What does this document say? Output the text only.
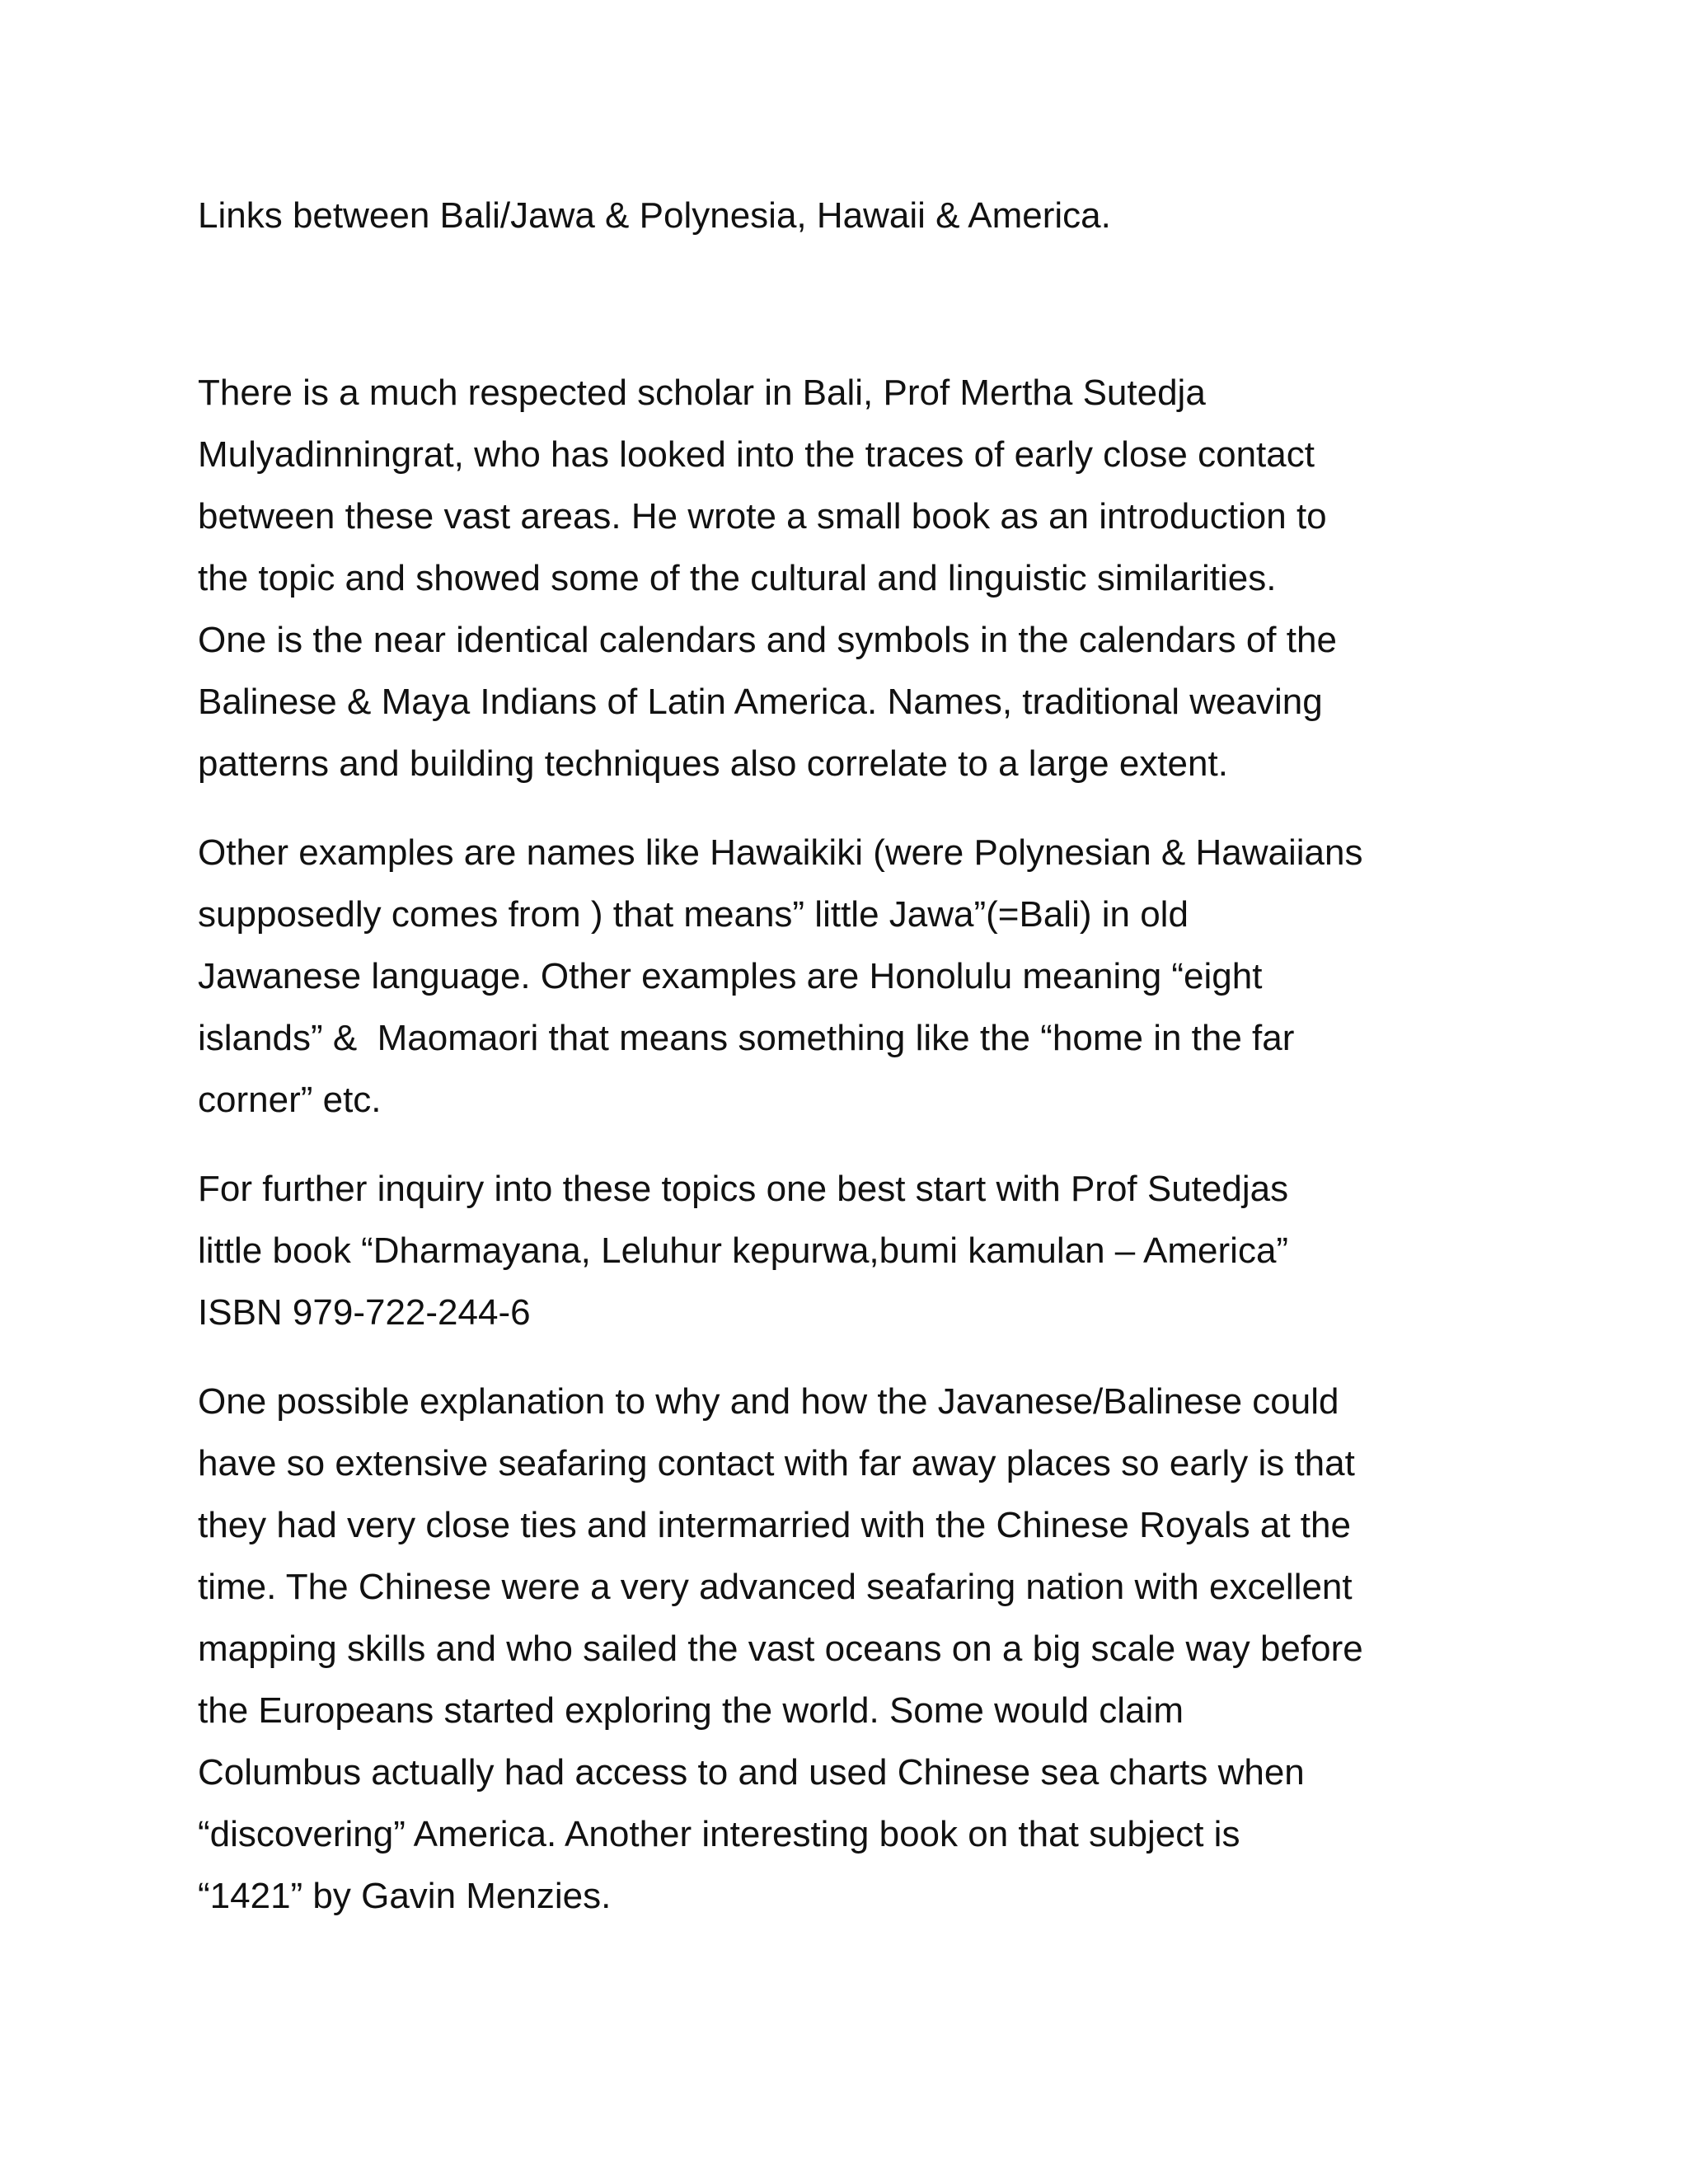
Links between Bali/Jawa & Polynesia, Hawaii & America.

There is a much respected scholar in Bali, Prof Mertha Sutedja
Mulyadinningrat, who has looked into the traces of early close contact
between these vast areas. He wrote a small book as an introduction to
the topic and showed some of the cultural and linguistic similarities.
One is the near identical calendars and symbols in the calendars of the
Balinese & Maya Indians of Latin America. Names, traditional weaving
patterns and building techniques also correlate to a large extent.

Other examples are names like Hawaikiki (were Polynesian & Hawaiians
supposedly comes from ) that means” little Jawa”(=Bali) in old
Jawanese language. Other examples are Honolulu meaning “eight
islands” &  Maomaori that means something like the “home in the far
corner” etc.

For further inquiry into these topics one best start with Prof Sutedjas
little book “Dharmayana, Leluhur kepurwa,bumi kamulan – America”
ISBN 979-722-244-6

One possible explanation to why and how the Javanese/Balinese could
have so extensive seafaring contact with far away places so early is that
they had very close ties and intermarried with the Chinese Royals at the
time. The Chinese were a very advanced seafaring nation with excellent
mapping skills and who sailed the vast oceans on a big scale way before
the Europeans started exploring the world. Some would claim
Columbus actually had access to and used Chinese sea charts when
“discovering” America. Another interesting book on that subject is
“1421” by Gavin Menzies.
